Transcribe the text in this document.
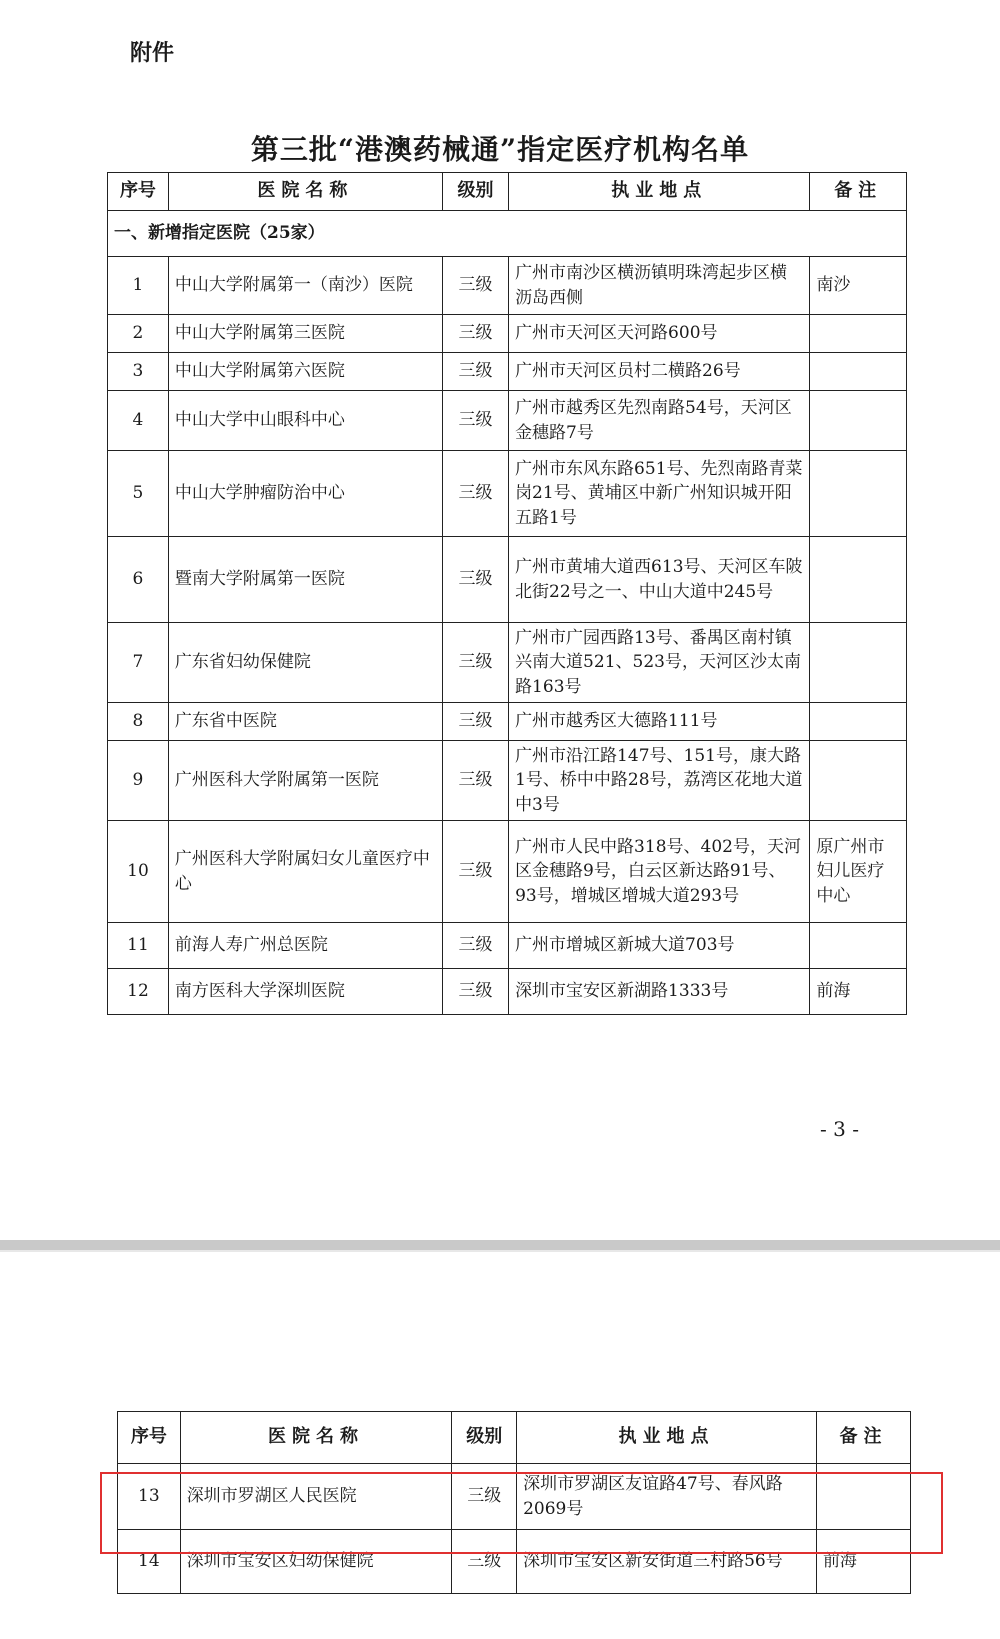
附件
第三批“港澳药械通”指定医疗机构名单
序号	医院名称	级别	执业地点	备注
一、新增指定医院（25家）				
1	中山大学附属第一（南沙）医院	三级	广州市南沙区横沥镇明珠湾起步区横沥岛西侧	南沙
2	中山大学附属第三医院	三级	广州市天河区天河路600号	
3	中山大学附属第六医院	三级	广州市天河区员村二横路26号	
4	中山大学中山眼科中心	三级	广州市越秀区先烈南路54号，天河区金穗路7号	
5	中山大学肿瘤防治中心	三级	广州市东风东路651号、先烈南路青菜岗21号、黄埔区中新广州知识城开阳五路1号	
6	暨南大学附属第一医院	三级	广州市黄埔大道西613号、天河区车陂北街22号之一、中山大道中245号	
7	广东省妇幼保健院	三级	广州市广园西路13号、番禺区南村镇兴南大道521、523号，天河区沙太南路163号	
8	广东省中医院	三级	广州市越秀区大德路111号	
9	广州医科大学附属第一医院	三级	广州市沿江路147号、151号，康大路1号、桥中中路28号，荔湾区花地大道中3号	
10	广州医科大学附属妇女儿童医疗中心	三级	广州市人民中路318号、402号，天河区金穗路9号，白云区新达路91号、93号，增城区增城大道293号	原广州市妇儿医疗中心
11	前海人寿广州总医院	三级	广州市增城区新城大道703号	
12	南方医科大学深圳医院	三级	深圳市宝安区新湖路1333号	前海
- 3 -
序号	医院名称	级别	执业地点	备注
13	深圳市罗湖区人民医院	三级	深圳市罗湖区友谊路47号、春风路2069号	
14	深圳市宝安区妇幼保健院	三级	深圳市宝安区新安街道三村路56号	前海
